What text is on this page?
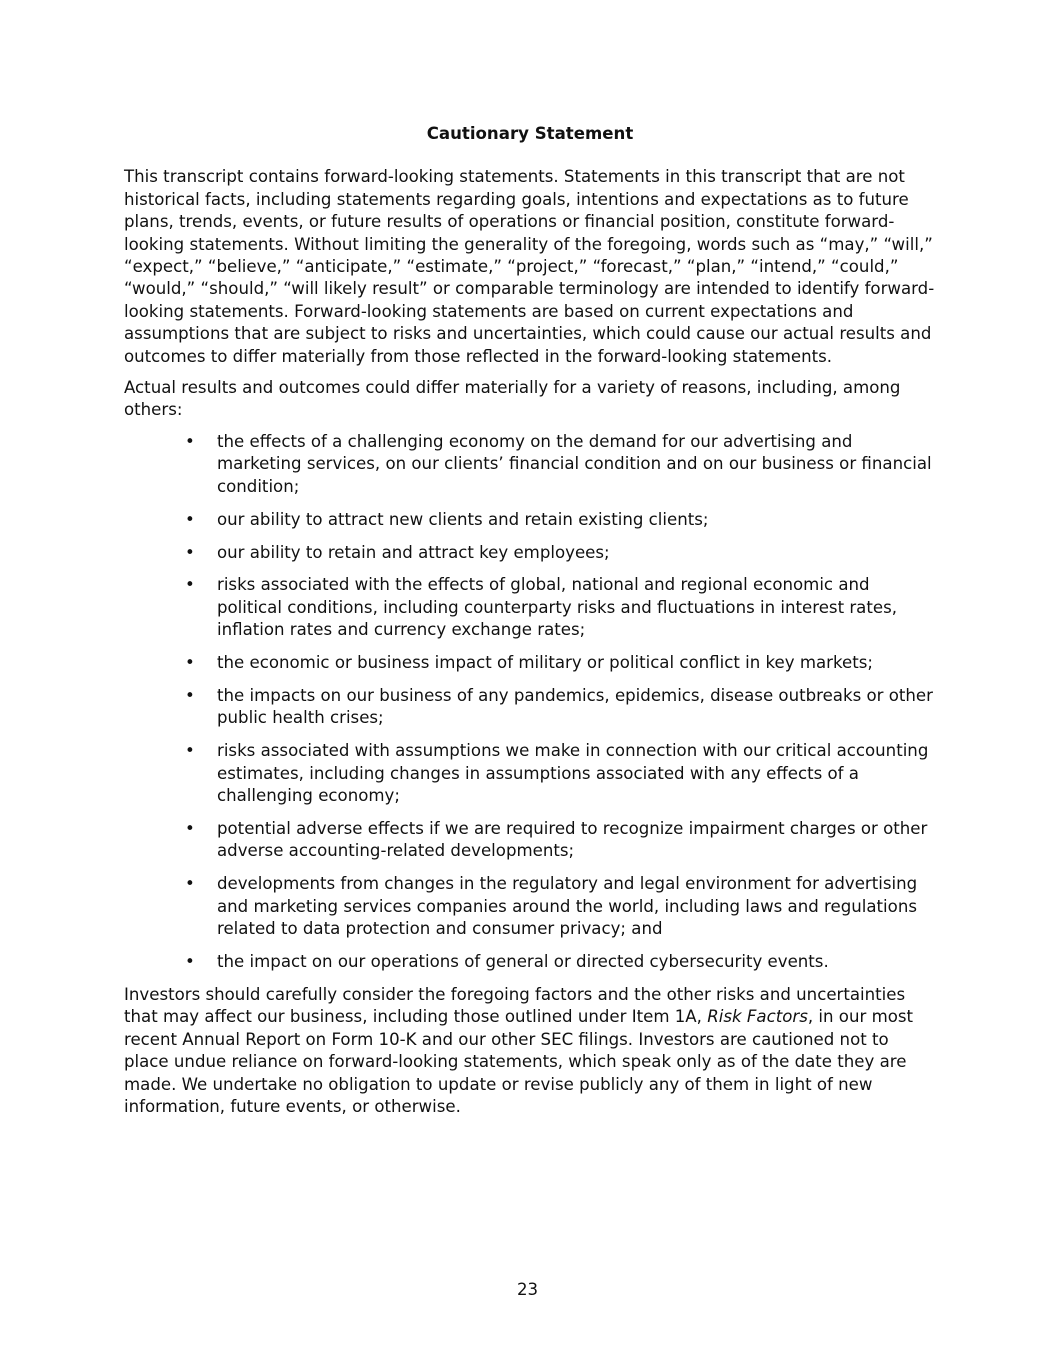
Cautionary Statement

This transcript contains forward-looking statements. Statements in this transcript that are not historical facts, including statements regarding goals, intentions and expectations as to future plans, trends, events, or future results of operations or financial position, constitute forward-looking statements. Without limiting the generality of the foregoing, words such as “may,” “will,” “expect,” “believe,” “anticipate,” “estimate,” “project,” “forecast,” “plan,” “intend,” “could,” “would,” “should,” “will likely result” or comparable terminology are intended to identify forward-looking statements. Forward-looking statements are based on current expectations and assumptions that are subject to risks and uncertainties, which could cause our actual results and outcomes to differ materially from those reflected in the forward-looking statements.

Actual results and outcomes could differ materially for a variety of reasons, including, among others:

• the effects of a challenging economy on the demand for our advertising and marketing services, on our clients’ financial condition and on our business or financial condition;
• our ability to attract new clients and retain existing clients;
• our ability to retain and attract key employees;
• risks associated with the effects of global, national and regional economic and political conditions, including counterparty risks and fluctuations in interest rates, inflation rates and currency exchange rates;
• the economic or business impact of military or political conflict in key markets;
• the impacts on our business of any pandemics, epidemics, disease outbreaks or other public health crises;
• risks associated with assumptions we make in connection with our critical accounting estimates, including changes in assumptions associated with any effects of a challenging economy;
• potential adverse effects if we are required to recognize impairment charges or other adverse accounting-related developments;
• developments from changes in the regulatory and legal environment for advertising and marketing services companies around the world, including laws and regulations related to data protection and consumer privacy; and
• the impact on our operations of general or directed cybersecurity events.

Investors should carefully consider the foregoing factors and the other risks and uncertainties that may affect our business, including those outlined under Item 1A, Risk Factors, in our most recent Annual Report on Form 10-K and our other SEC filings. Investors are cautioned not to place undue reliance on forward-looking statements, which speak only as of the date they are made. We undertake no obligation to update or revise publicly any of them in light of new information, future events, or otherwise.

23
